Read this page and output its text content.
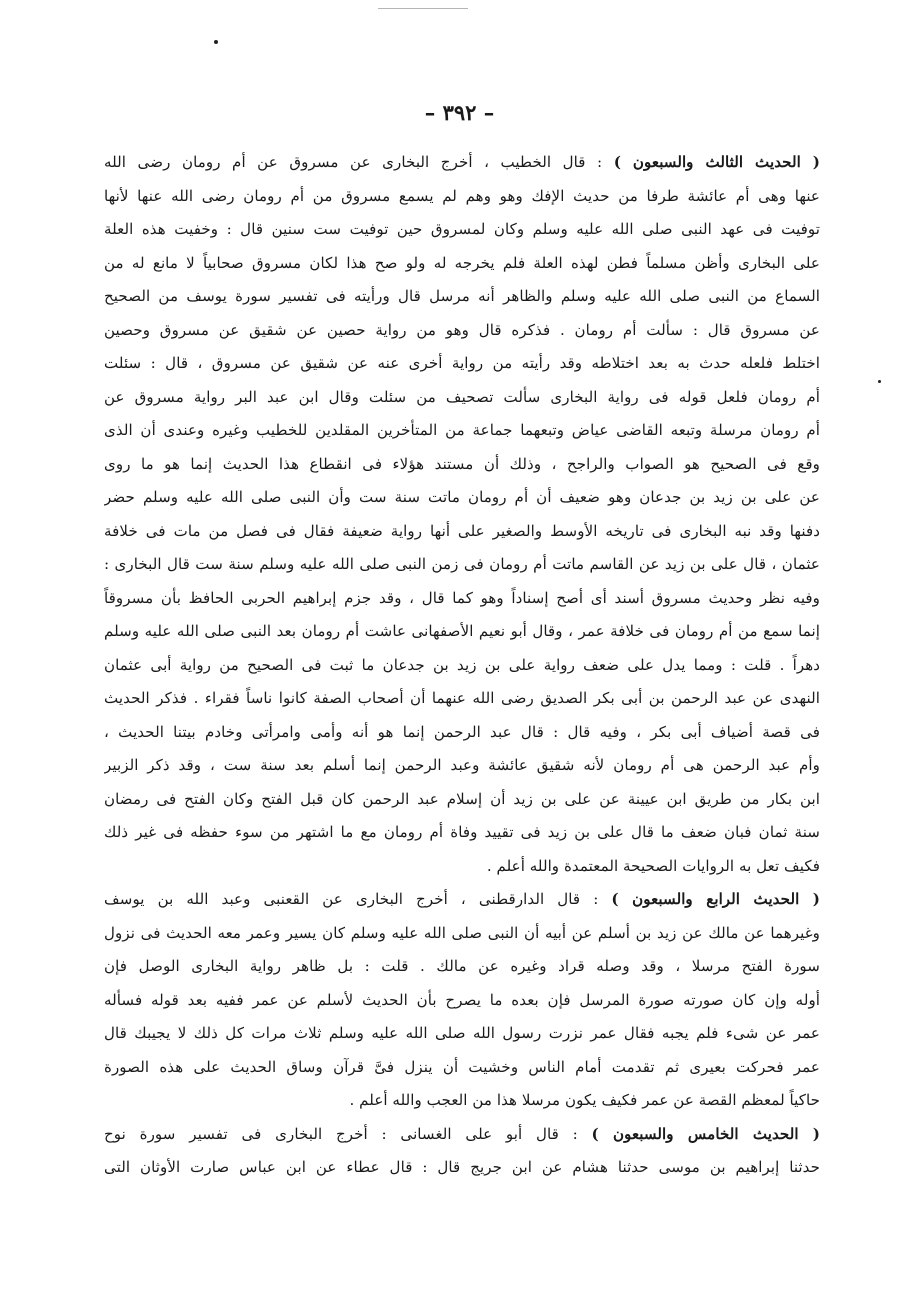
– ٣٩٢ –
( الحديث الثالث والسبعون ) : قال الخطيب ، أخرج البخارى عن مسروق عن أم رومان رضى الله
عنها وهى أم عائشة طرفا من حديث الإفك وهو وهم لم يسمع مسروق من أم رومان رضى الله عنها لأنها
توفيت فى عهد النبى صلى الله عليه وسلم وكان لمسروق حين توفيت ست سنين قال : وخفيت هذه العلة
على البخارى وأظن مسلماً فطن لهذه العلة فلم يخرجه له ولو صح هذا لكان مسروق صحابياً لا مانع له من
السماع من النبى صلى الله عليه وسلم والظاهر أنه مرسل قال ورأيته فى تفسير سورة يوسف من الصحيح
عن مسروق قال : سألت أم رومان . فذكره قال وهو من رواية حصين عن شقيق عن مسروق وحصين
اختلط فلعله حدث به بعد اختلاطه وقد رأيته من رواية أخرى عنه عن شقيق عن مسروق ، قال : سئلت
أم رومان فلعل قوله فى رواية البخارى سألت تصحيف من سئلت وقال ابن عبد البر رواية مسروق عن
أم رومان مرسلة وتبعه القاضى عياض وتبعهما جماعة من المتأخرين المقلدين للخطيب وغيره وعندى أن الذى
وقع فى الصحيح هو الصواب والراجح ، وذلك أن مستند هؤلاء فى انقطاع هذا الحديث إنما هو ما روى
عن على بن زيد بن جدعان وهو ضعيف أن أم رومان ماتت سنة ست وأن النبى صلى الله عليه وسلم حضر
دفنها وقد نبه البخارى فى تاريخه الأوسط والصغير على أنها رواية ضعيفة فقال فى فصل من مات فى خلافة
عثمان ، قال على بن زيد عن القاسم ماتت أم رومان فى زمن النبى صلى الله عليه وسلم سنة ست قال البخارى :
وفيه نظر وحديث مسروق أسند أى أصح إسناداً وهو كما قال ، وقد جزم إبراهيم الحربى الحافظ بأن مسروقاً
إنما سمع من أم رومان فى خلافة عمر ، وقال أبو نعيم الأصفهانى عاشت أم رومان بعد النبى صلى الله عليه وسلم
دهراً . قلت : ومما يدل على ضعف رواية على بن زيد بن جدعان ما ثبت فى الصحيح من رواية أبى عثمان
النهدى عن عبد الرحمن بن أبى بكر الصديق رضى الله عنهما أن أصحاب الصفة كانوا ناساً فقراء . فذكر الحديث
فى قصة أضياف أبى بكر ، وفيه قال : قال عبد الرحمن إنما هو أنه وأمى وامرأتى وخادم بيتنا الحديث ،
وأم عبد الرحمن هى أم رومان لأنه شقيق عائشة وعبد الرحمن إنما أسلم بعد سنة ست ، وقد ذكر الزبير
ابن بكار من طريق ابن عيينة عن على بن زيد أن إسلام عبد الرحمن كان قبل الفتح وكان الفتح فى رمضان
سنة ثمان فبان ضعف ما قال على بن زيد فى تقييد وفاة أم رومان مع ما اشتهر من سوء حفظه فى غير ذلك
فكيف تعل به الروايات الصحيحة المعتمدة والله أعلم .
( الحديث الرابع والسبعون ) : قال الدارقطنى ، أخرج البخارى عن القعنبى وعبد الله بن يوسف
وغيرهما عن مالك عن زيد بن أسلم عن أبيه أن النبى صلى الله عليه وسلم كان يسير وعمر معه الحديث فى نزول
سورة الفتح مرسلا ، وقد وصله قراد وغيره عن مالك . قلت : بل ظاهر رواية البخارى الوصل فإن
أوله وإن كان صورته صورة المرسل فإن بعده ما يصرح بأن الحديث لأسلم عن عمر ففيه بعد قوله فسأله
عمر عن شىء فلم يجبه فقال عمر نزرت رسول الله صلى الله عليه وسلم ثلاث مرات كل ذلك لا يجيبك قال
عمر فحركت بعيرى ثم تقدمت أمام الناس وخشيت أن ينزل فىَّ قرآن وساق الحديث على هذه الصورة
حاكياً لمعظم القصة عن عمر فكيف يكون مرسلا هذا من العجب والله أعلم .
( الحديث الخامس والسبعون ) : قال أبو على الغسانى : أخرج البخارى فى تفسير سورة نوح
حدثنا إبراهيم بن موسى حدثنا هشام عن ابن جريج قال : قال عطاء عن ابن عباس صارت الأوثان التى
